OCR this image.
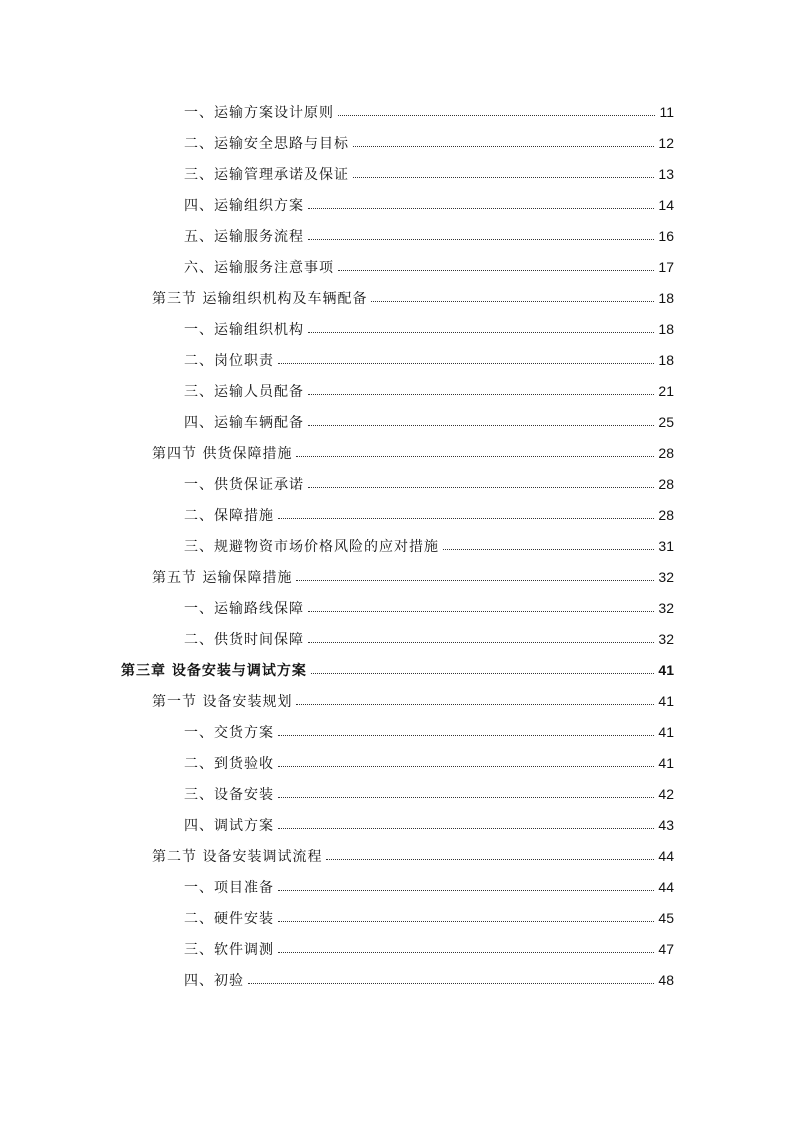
一、运输方案设计原则	11
二、运输安全思路与目标	12
三、运输管理承诺及保证	13
四、运输组织方案	14
五、运输服务流程	16
六、运输服务注意事项	17
第三节 运输组织机构及车辆配备	18
一、运输组织机构	18
二、岗位职责	18
三、运输人员配备	21
四、运输车辆配备	25
第四节 供货保障措施	28
一、供货保证承诺	28
二、保障措施	28
三、规避物资市场价格风险的应对措施	31
第五节 运输保障措施	32
一、运输路线保障	32
二、供货时间保障	32
第三章 设备安装与调试方案	41
第一节 设备安装规划	41
一、交货方案	41
二、到货验收	41
三、设备安装	42
四、调试方案	43
第二节 设备安装调试流程	44
一、项目准备	44
二、硬件安装	45
三、软件调测	47
四、初验	48
